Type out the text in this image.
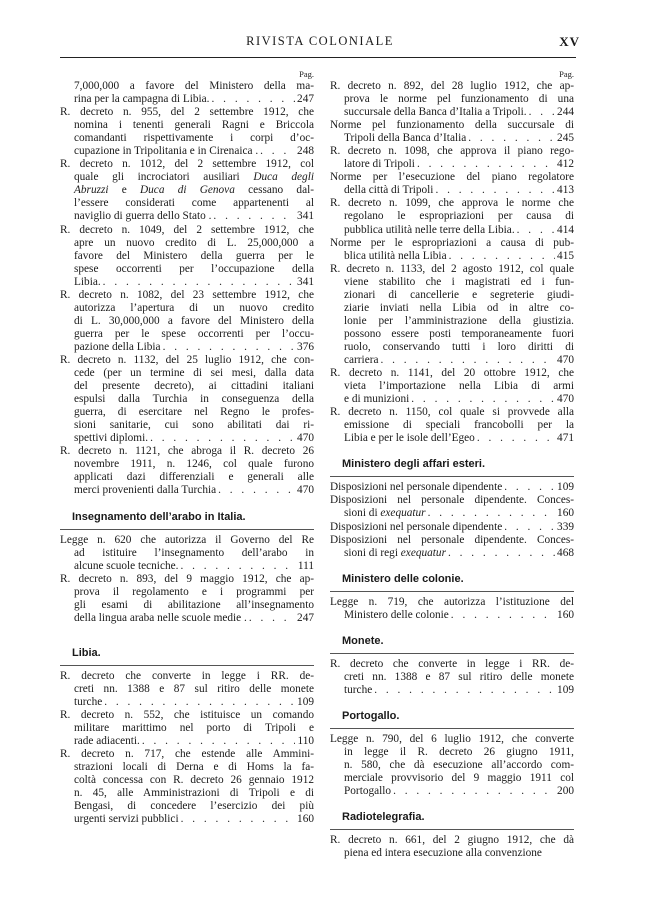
RIVISTA COLONIALE	XV
Pag.
7,000,000 a favore del Ministero della ma-
rina per la campagna di Libia. . . .	247
R. decreto n. 955, del 2 settembre 1912, che
nomina i tenenti generali Ragni e Briccola
comandanti rispettivamente i corpi d’oc-
cupazione in Tripolitania e in Cirenaica . . . .	248
R. decreto n. 1012, del 2 settembre 1912, col
quale gli incrociatori ausiliari Duca degli
Abruzzi e Duca di Genova cessano dal-
l’essere considerati come appartenenti al
naviglio di guerra dello Stato . . . .	341
R. decreto n. 1049, del 2 settembre 1912, che
apre un nuovo credito di L. 25,000,000 a
favore del Ministero della guerra per le
spese occorrenti per l’occupazione della
Libia. . . .	341
R. decreto n. 1082, del 23 settembre 1912, che
autorizza l’apertura di un nuovo credito
di L. 30,000,000 a favore del Ministero della
guerra per le spese occorrenti per l’occu-
pazione della Libia . . .	376
R. decreto n. 1132, del 25 luglio 1912, che con-
cede (per un termine di sei mesi, dalla data
del presente decreto), ai cittadini italiani
espulsi dalla Turchia in conseguenza della
guerra, di esercitare nel Regno le profes-
sioni sanitarie, cui sono abilitati dai ri-
spettivi diplomi. . . .	470
R. decreto n. 1121, che abroga il R. decreto 26
novembre 1911, n. 1246, col quale furono
applicati dazi differenziali e generali alle
merci provenienti dalla Turchia . . .	470
Insegnamento dell’arabo in Italia.
Legge n. 620 che autorizza il Governo del Re
ad istituire l’insegnamento dell’arabo in
alcune scuole tecniche. . . .	111
R. decreto n. 893, del 9 maggio 1912, che ap-
prova il regolamento e i programmi per
gli esami di abilitazione all’insegnamento
della lingua araba nelle scuole medie . . . .	247
Libia.
R. decreto che converte in legge i RR. de-
creti nn. 1388 e 87 sul ritiro delle monete
turche . . .	109
R. decreto n. 552, che istituisce un comando
militare marittimo nel porto di Tripoli e
rade adiacenti. . . .	110
R. decreto n. 717, che estende alle Ammini-
strazioni locali di Derna e di Homs la fa-
coltà concessa con R. decreto 26 gennaio 1912
n. 45, alle Amministrazioni di Tripoli e di
Bengasi, di concedere l’esercizio dei più
urgenti servizi pubblici . . .	160
Pag.
R. decreto n. 892, del 28 luglio 1912, che ap-
prova le norme pel funzionamento di una
succursale della Banca d’Italia a Tripoli. . . .	244
Norme pel funzionamento della succursale di
Tripoli della Banca d’Italia . . .	245
R. decreto n. 1098, che approva il piano rego-
latore di Tripoli . . .	412
Norme per l’esecuzione del piano regolatore
della città di Tripoli . . .	413
R. decreto n. 1099, che approva le norme che
regolano le espropriazioni per causa di
pubblica utilità nelle terre della Libia. . . .	414
Norme per le espropriazioni a causa di pub-
blica utilità nella Libia . . .	415
R. decreto n. 1133, del 2 agosto 1912, col quale
viene stabilito che i magistrati ed i fun-
zionari di cancellerie e segreterie giudi-
ziarie inviati nella Libia od in altre co-
lonie per l’amministrazione della giustizia.
possono essere posti temporaneamente fuori
ruolo, conservando tutti i loro diritti di
carriera . . .	470
R. decreto n. 1141, del 20 ottobre 1912, che
vieta l’importazione nella Libia di armi
e di munizioni . . .	470
R. decreto n. 1150, col quale si provvede alla
emissione di speciali francobolli per la
Libia e per le isole dell’Egeo . . .	471
Ministero degli affari esteri.
Disposizioni nel personale dipendente . . .	109
Disposizioni nel personale dipendente. Conces-
sioni di exequatur . . .	160
Disposizioni nel personale dipendente . . .	339
Disposizioni nel personale dipendente. Conces-
sioni di regi exequatur . . .	468
Ministero delle colonie.
Legge n. 719, che autorizza l’istituzione del
Ministero delle colonie . . .	160
Monete.
R. decreto che converte in legge i RR. de-
creti nn. 1388 e 87 sul ritiro delle monete
turche . . .	109
Portogallo.
Legge n. 790, del 6 luglio 1912, che converte
in legge il R. decreto 26 giugno 1911,
n. 580, che dà esecuzione all’accordo com-
merciale provvisorio del 9 maggio 1911 col
Portogallo . . .	200
Radiotelegrafia.
R. decreto n. 661, del 2 giugno 1912, che dà
piena ed intera esecuzione alla convenzione
